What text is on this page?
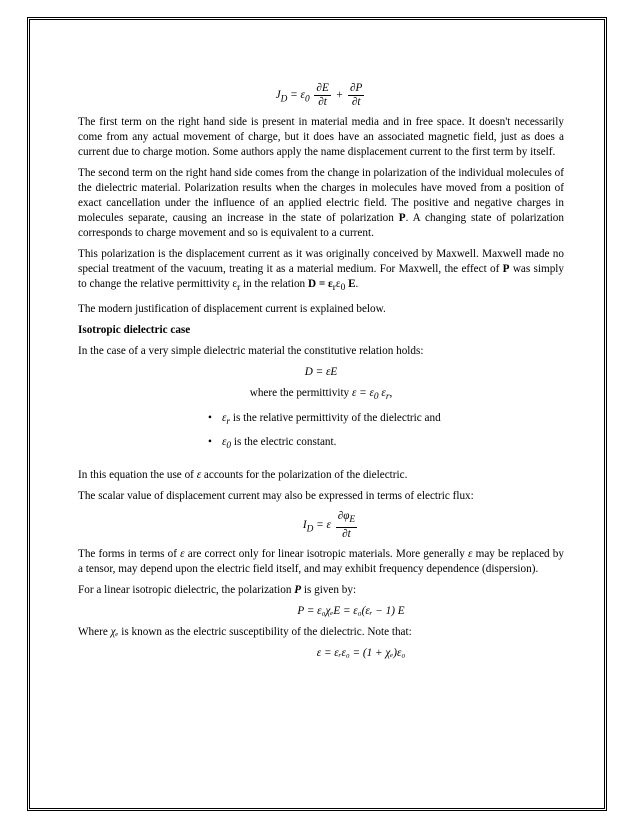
$J_D = \varepsilon_0 \frac{\partial E}{\partial t} + \frac{\partial P}{\partial t}$

The first term on the right hand side is present in material media and in free space. It doesn't necessarily come from any actual movement of charge, but it does have an associated magnetic field, just as does a current due to charge motion. Some authors apply the name displacement current to the first term by itself.

The second term on the right hand side comes from the change in polarization of the individual molecules of the dielectric material. Polarization results when the charges in molecules have moved from a position of exact cancellation under the influence of an applied electric field. The positive and negative charges in molecules separate, causing an increase in the state of polarization P. A changing state of polarization corresponds to charge movement and so is equivalent to a current.

This polarization is the displacement current as it was originally conceived by Maxwell. Maxwell made no special treatment of the vacuum, treating it as a material medium. For Maxwell, the effect of P was simply to change the relative permittivity $\varepsilon_r$ in the relation $D = \varepsilon_r\varepsilon_0$ E.

The modern justification of displacement current is explained below.

Isotropic dielectric case

In the case of a very simple dielectric material the constitutive relation holds:

D = εE
where the permittivity $\varepsilon = \varepsilon_0$ $\varepsilon_r$,
• $\varepsilon_r$ is the relative permittivity of the dielectric and
• $\varepsilon_0$ is the electric constant.

In this equation the use of ε accounts for the polarization of the dielectric.

The scalar value of displacement current may also be expressed in terms of electric flux:

$I_D = \varepsilon \frac{\partial\varphi_E}{\partial t}$

The forms in terms of ε are correct only for linear isotropic materials. More generally ε may be replaced by a tensor, may depend upon the electric field itself, and may exhibit frequency dependence (dispersion).

For a linear isotropic dielectric, the polarization P is given by:

P = ε₀χₑE = ε₀(εᵣ − 1) E

Where χₑ is known as the electric susceptibility of the dielectric. Note that:

ε = εᵣε₀ = (1 + χₑ)ε₀
